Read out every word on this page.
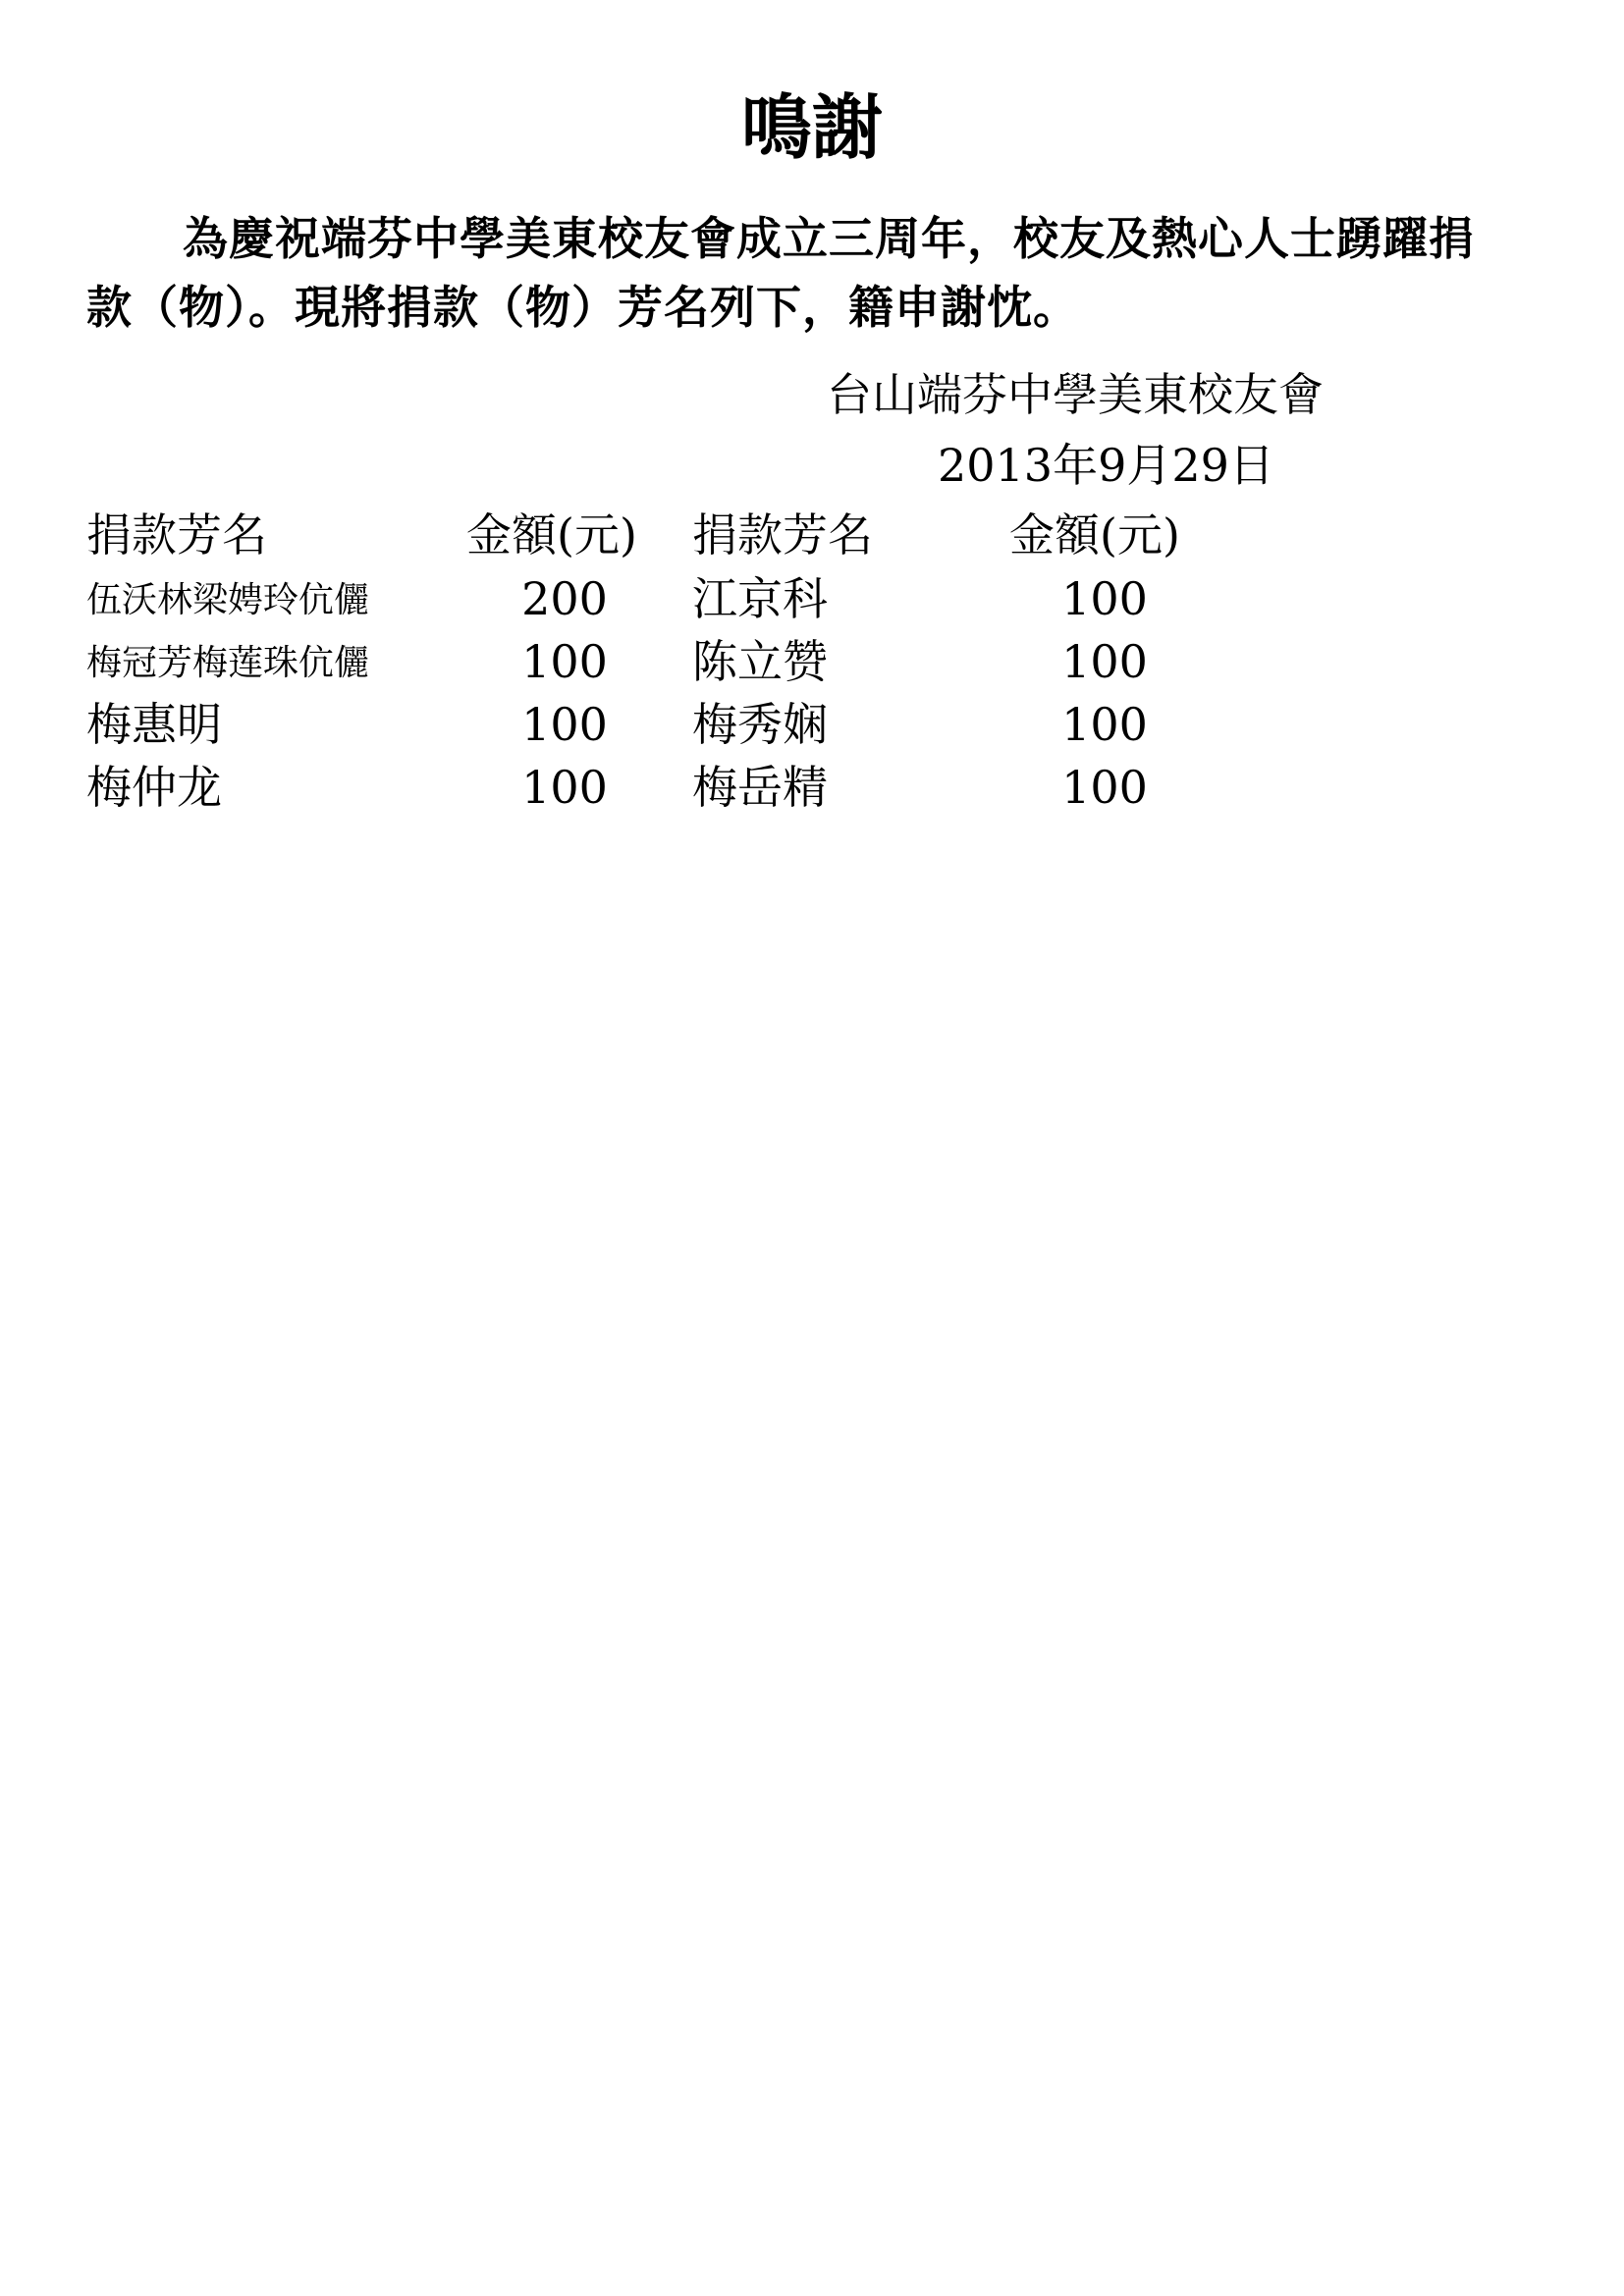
鳴謝
為慶祝端芬中學美東校友會成立三周年，校友及熱心人士踴躍捐款（物）。現將捐款（物）芳名列下，籍申謝忱。
台山端芬中學美東校友會
2013年9月29日
捐款芳名	金額(元) 捐款芳名	金額(元)
伍沃林梁娉玲伉儷	200 江京科	100
梅冠芳梅莲珠伉儷	100 陈立赞	100
梅惠明	100 梅秀娴	100
梅仲龙	100 梅岳精	100
